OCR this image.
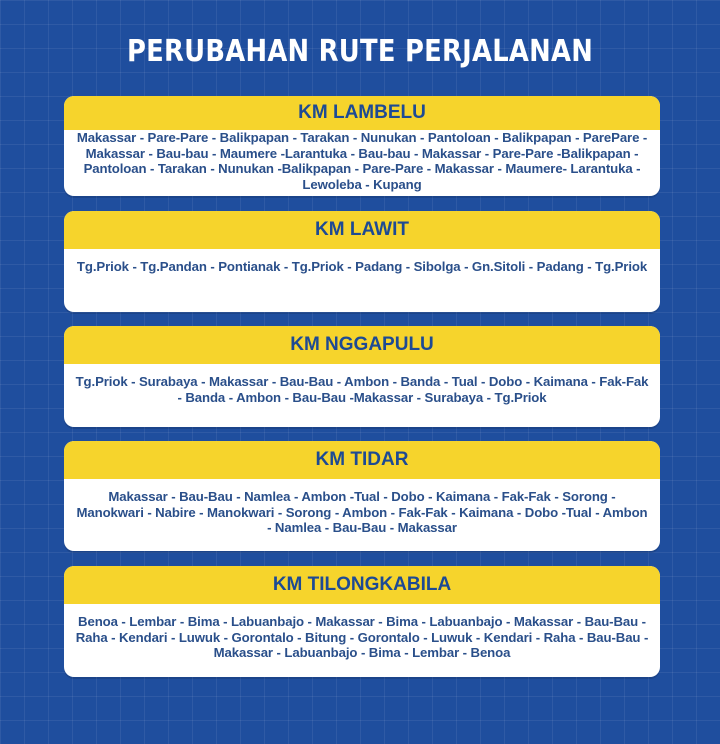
PERUBAHAN RUTE PERJALANAN
KM LAMBELU
Makassar - Pare-Pare - Balikpapan - Tarakan - Nunukan - Pantoloan - Balikpapan - ParePare - Makassar - Bau-bau - Maumere -Larantuka - Bau-bau - Makassar - Pare-Pare -Balikpapan - Pantoloan - Tarakan - Nunukan -Balikpapan - Pare-Pare - Makassar - Maumere- Larantuka - Lewoleba - Kupang
KM LAWIT
Tg.Priok - Tg.Pandan - Pontianak - Tg.Priok - Padang - Sibolga - Gn.Sitoli - Padang - Tg.Priok
KM NGGAPULU
Tg.Priok - Surabaya - Makassar - Bau-Bau - Ambon - Banda - Tual - Dobo - Kaimana - Fak-Fak - Banda - Ambon - Bau-Bau -Makassar - Surabaya - Tg.Priok
KM TIDAR
Makassar - Bau-Bau - Namlea - Ambon -Tual - Dobo - Kaimana - Fak-Fak - Sorong - Manokwari - Nabire - Manokwari - Sorong - Ambon - Fak-Fak - Kaimana - Dobo -Tual - Ambon - Namlea - Bau-Bau - Makassar
KM TILONGKABILA
Benoa - Lembar - Bima - Labuanbajo - Makassar - Bima - Labuanbajo - Makassar - Bau-Bau - Raha - Kendari - Luwuk - Gorontalo - Bitung - Gorontalo - Luwuk - Kendari - Raha - Bau-Bau - Makassar - Labuanbajo - Bima - Lembar - Benoa
